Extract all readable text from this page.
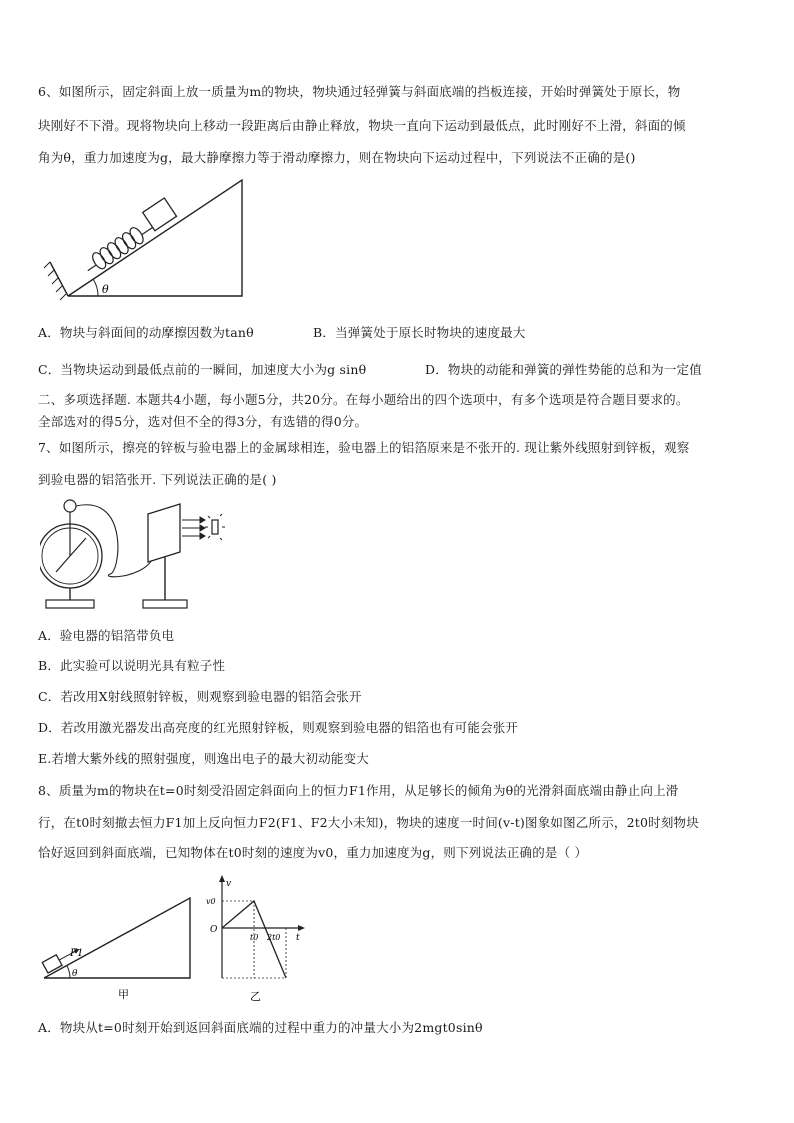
6、如图所示，固定斜面上放一质量为m的物块，物块通过轻弹簧与斜面底端的挡板连接，开始时弹簧处于原长，物
块刚好不下滑。现将物块向上移动一段距离后由静止释放，物块一直向下运动到最低点，此时刚好不上滑，斜面的倾
角为θ，重力加速度为g，最大静摩擦力等于滑动摩擦力，则在物块向下运动过程中，下列说法不正确的是()
θ
A．物块与斜面间的动摩擦因数为tanθ	B．当弹簧处于原长时物块的速度最大
C．当物块运动到最低点前的一瞬间，加速度大小为g sinθ	D．物块的动能和弹簧的弹性势能的总和为一定值
二、多项选择题. 本题共4小题，每小题5分，共20分。在每小题给出的四个选项中，有多个选项是符合题目要求的。
全部选对的得5分，选对但不全的得3分，有选错的得0分。
7、如图所示，擦亮的锌板与验电器上的金属球相连，验电器上的铝箔原来是不张开的. 现让紫外线照射到锌板，观察
到验电器的铝箔张开. 下列说法正确的是( )
A．验电器的铝箔带负电
B．此实验可以说明光具有粒子性
C．若改用X射线照射锌板，则观察到验电器的铝箔会张开
D．若改用激光器发出高亮度的红光照射锌板，则观察到验电器的铝箔也有可能会张开
E.若增大紫外线的照射强度，则逸出电子的最大初动能变大
8、质量为m的物块在t=0时刻受沿固定斜面向上的恒力F1作用，从足够长的倾角为θ的光滑斜面底端由静止向上滑
行，在t0时刻撤去恒力F1加上反向恒力F2(F1、F2大小未知)，物块的速度一时间(v-t)图象如图乙所示，2t0时刻物块
恰好返回到斜面底端，已知物体在t0时刻的速度为v0，重力加速度为g，则下列说法正确的是（ ）
F1
θ
甲
v
t
O
v0
t0 2t0
乙
A．物块从t=0时刻开始到返回斜面底端的过程中重力的冲量大小为2mgt0sinθ
